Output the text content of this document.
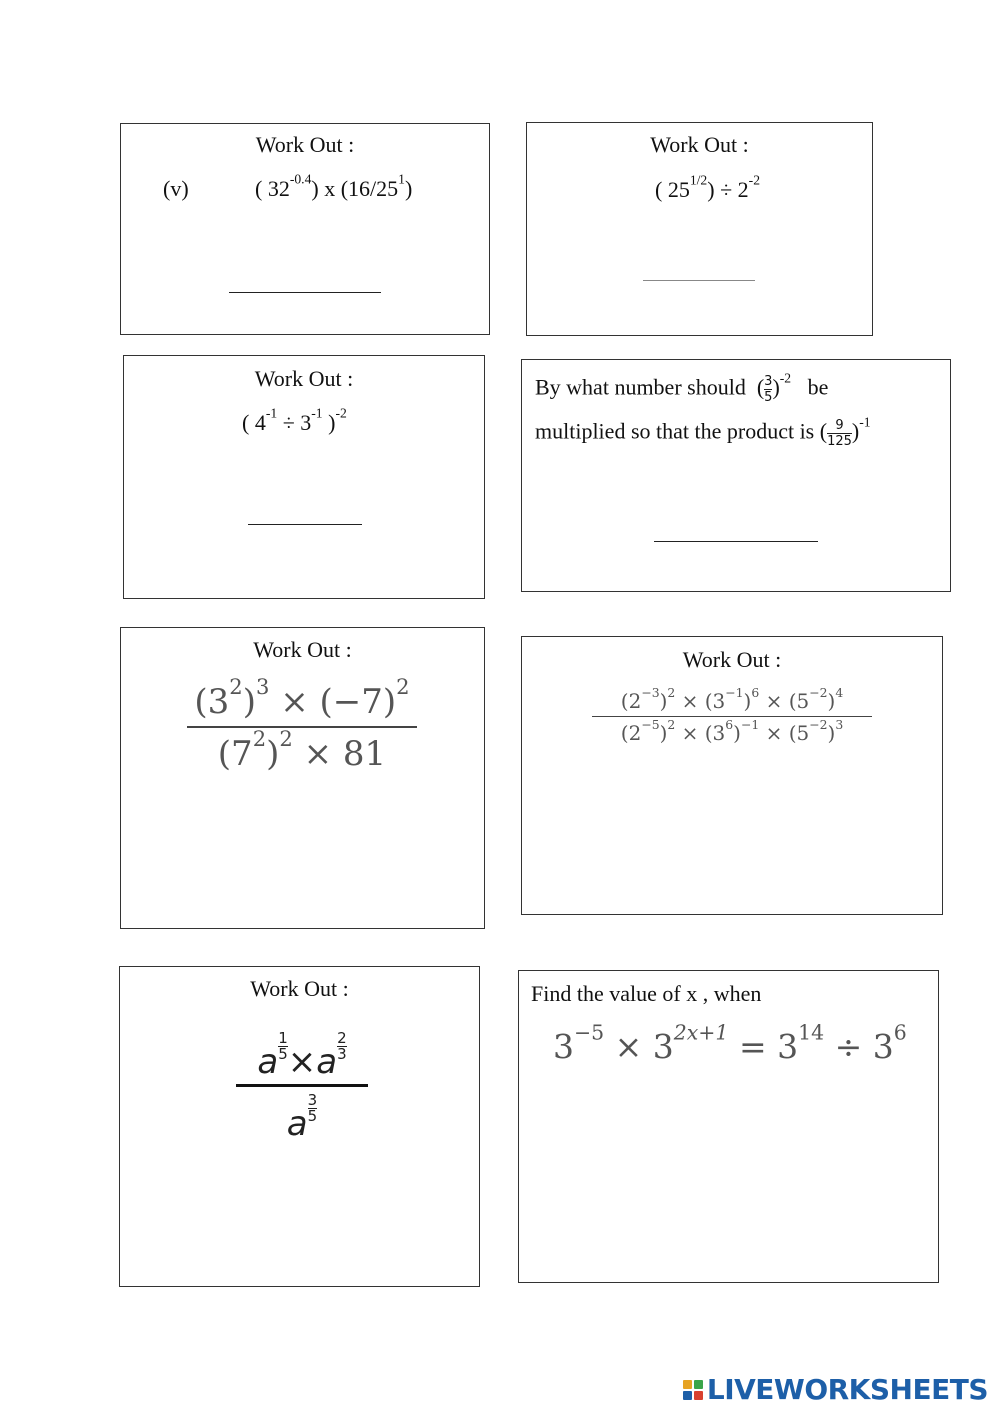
Work Out :
(v)	( $32^{-0.4}$) x $(16/25^1)$
Work Out :
( $25^{1/2}) \div 2^{-2}$
Work Out :
( $4^{-1} \div 3^{-1}$ )$^{-2}$
By what number should $(\frac{3}{5})^{-2}$ be
multiplied so that the product is $(\frac{9}{125})^{-1}$
Work Out :
$(3^2)^3 \times (-7)^2$
$(7^2)^2 \times 81$
Work Out :
$(2^{-3})^2 \times (3^{-1})^6 \times (5^{-2})^4$
$(2^{-5})^2 \times (3^6)^{-1} \times (5^{-2})^3$
Work Out :
$a\frac{1}{5}\times a\frac{2}{3}$
$a\frac{3}{5}$
Find the value of x , when
$3^{-5} \times 3^{2x+1} = 3^{14} \div 3^6$
LIVEWORKSHEETS
